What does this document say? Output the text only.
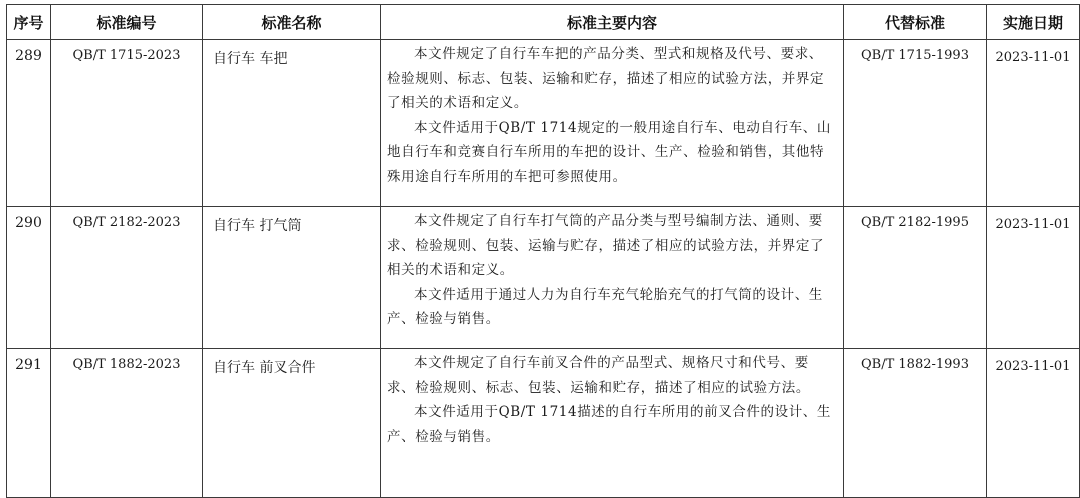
序号	标准编号	标准名称	标准主要内容	代替标准	实施日期
289	QB/T 1715-2023	自行车 车把	本文件规定了自行车车把的产品分类、型式和规格及代号、要求、检验规则、标志、包装、运输和贮存，描述了相应的试验方法，并界定了相关的术语和定义。

本文件适用于QB/T 1714规定的一般用途自行车、电动自行车、山地自行车和竞赛自行车所用的车把的设计、生产、检验和销售，其他特殊用途自行车所用的车把可参照使用。	QB/T 1715-1993	2023-11-01
290	QB/T 2182-2023	自行车 打气筒	本文件规定了自行车打气筒的产品分类与型号编制方法、通则、要求、检验规则、包装、运输与贮存，描述了相应的试验方法，并界定了相关的术语和定义。

本文件适用于通过人力为自行车充气轮胎充气的打气筒的设计、生产、检验与销售。	QB/T 2182-1995	2023-11-01
291	QB/T 1882-2023	自行车 前叉合件	本文件规定了自行车前叉合件的产品型式、规格尺寸和代号、要求、检验规则、标志、包装、运输和贮存，描述了相应的试验方法。

本文件适用于QB/T 1714描述的自行车所用的前叉合件的设计、生产、检验与销售。	QB/T 1882-1993	2023-11-01
